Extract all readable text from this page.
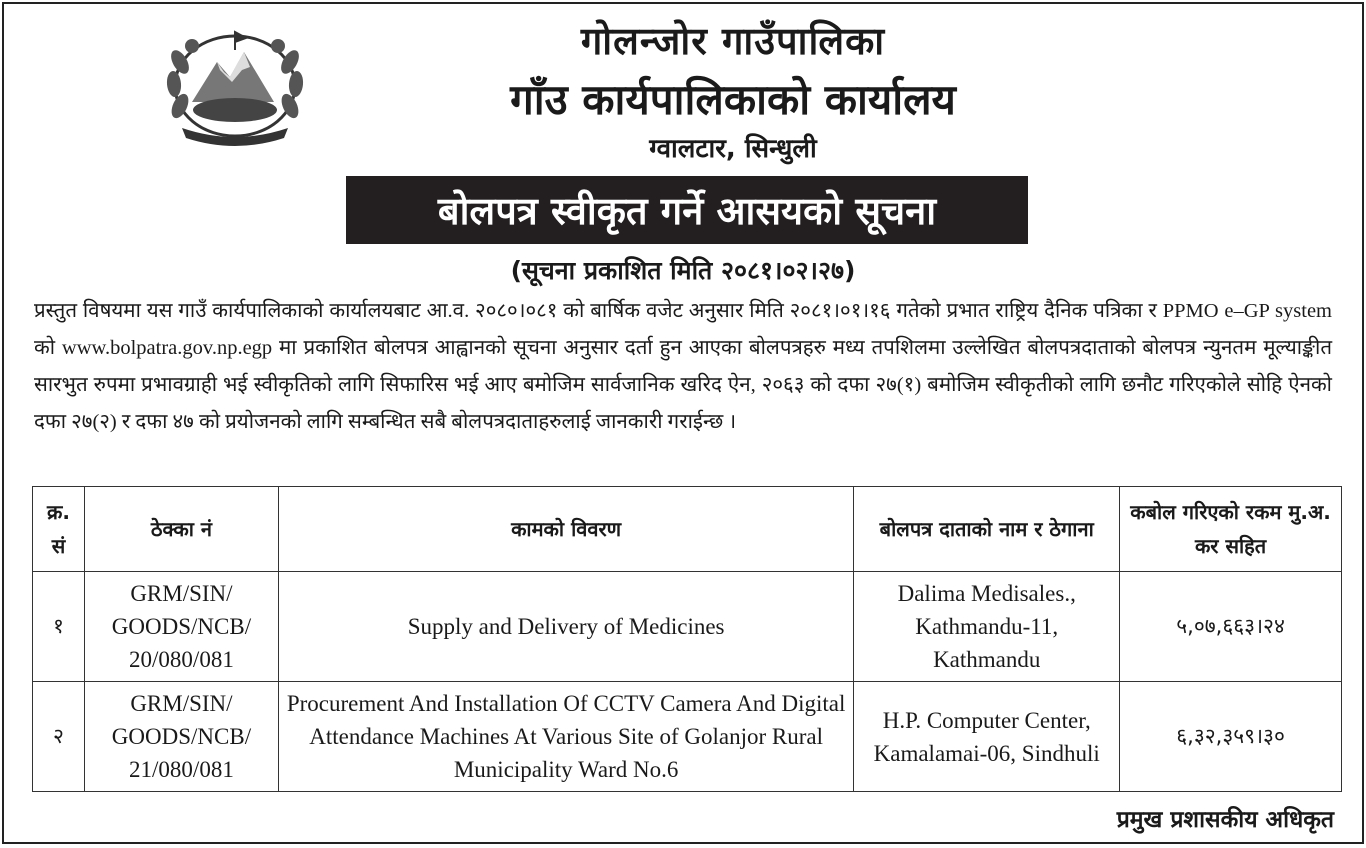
गोलन्जोर गाउँपालिका
गाँउ कार्यपालिकाको कार्यालय
ग्वालटार, सिन्धुली
बोलपत्र स्वीकृत गर्ने आसयको सूचना
(सूचना प्रकाशित मिति २०८१।०२।२७)
प्रस्तुत विषयमा यस गाउँ कार्यपालिकाको कार्यालयबाट आ.व. २०८०।०८१ को बार्षिक वजेट अनुसार मिति २०८१।०१।१६ गतेको प्रभात राष्ट्रिय दैनिक पत्रिका र PPMO e–GP system को www.bolpatra.gov.np.egp मा प्रकाशित बोलपत्र आह्वानको सूचना अनुसार दर्ता हुन आएका बोलपत्रहरु मध्य तपशिलमा उल्लेखित बोलपत्रदाताको बोलपत्र न्युनतम मूल्याङ्कीत सारभुत रुपमा प्रभावग्राही भई स्वीकृतिको लागि सिफारिस भई आए बमोजिम सार्वजानिक खरिद ऐन, २०६३ को दफा २७(१) बमोजिम स्वीकृतीको लागि छनौट गरिएकोले सोहि ऐनको दफा २७(२) र दफा ४७ को प्रयोजनको लागि सम्बन्धित सबै बोलपत्रदाताहरुलाई जानकारी गराईन्छ ।
क्र. सं	ठेक्का नं	कामको विवरण	बोलपत्र दाताको नाम र ठेगाना	कबोल गरिएको रकम मु.अ. कर सहित
१	GRM/SIN/ GOODS/NCB/ 20/080/081	Supply and Delivery of Medicines	Dalima Medisales., Kathmandu-11, Kathmandu	५,०७,६६३।२४
२	GRM/SIN/ GOODS/NCB/ 21/080/081	Procurement And Installation Of CCTV Camera And Digital Attendance Machines At Various Site of Golanjor Rural Municipality Ward No.6	H.P. Computer Center, Kamalamai-06, Sindhuli	६,३२,३५९।३०
प्रमुख प्रशासकीय अधिकृत
